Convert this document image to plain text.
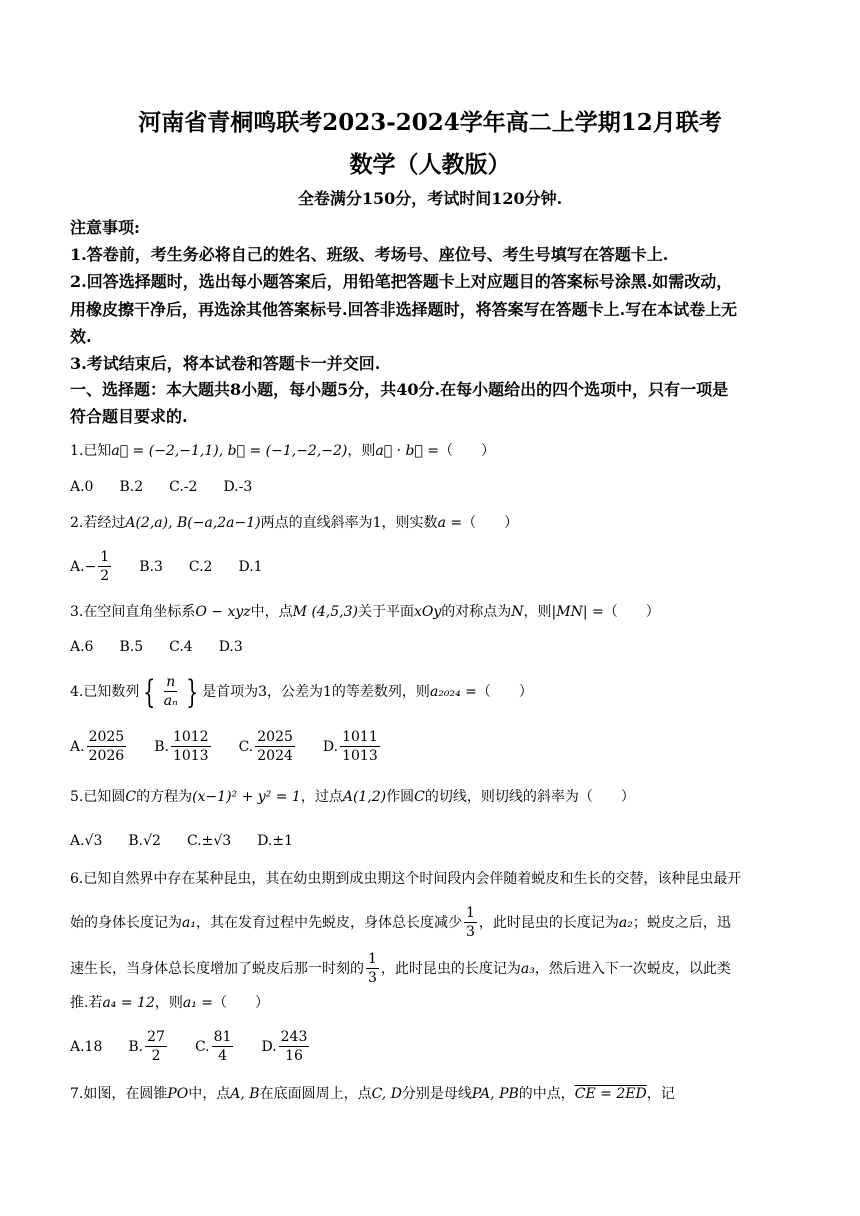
河南省青桐鸣联考2023-2024学年高二上学期12月联考
数学（人教版）
全卷满分150分，考试时间120分钟.
注意事项:
1.答卷前，考生务必将自己的姓名、班级、考场号、座位号、考生号填写在答题卡上.
2.回答选择题时，选出每小题答案后，用铅笔把答题卡上对应题目的答案标号涂黑.如需改动，
用橡皮擦干净后，再选涂其他答案标号.回答非选择题时，将答案写在答题卡上.写在本试卷上无
效.
3.考试结束后，将本试卷和答题卡一并交回.
一、选择题：本大题共8小题，每小题5分，共40分.在每小题给出的四个选项中，只有一项是
符合题目要求的.
1.已知a⃗ = (−2,−1,1), b⃗ = (−1,−2,−2)，则a⃗ · b⃗ =（　　）
A.0 B.2 C.-2 D.-3
2.若经过A(2,a), B(−a,2a−1)两点的直线斜率为1，则实数a =（　　）
A. − $\frac{1}{2} B.3$ C.2 D.1
3.在空间直角坐标系O − xyz中，点M (4,5,3)关于平面xOy的对称点为N，则|MN| =（　　）
A.6 B.5 C.4 D.3
4.已知数列 { $\frac{n}{\text{aₙ}}$ } 是首项为3，公差为1的等差数列，则 a₂₀₂₄ = （　　）
A. $\frac{2025}{2026} B$. $\frac{1012}{1013} C$. $\frac{2025}{2024} D$. $\frac{1011}{1013}$
5.已知圆C的方程为(x−1)² + y² = 1，过点A(1,2)作圆C的切线，则切线的斜率为（　　）
A.√3 B.√2 C.±√3 D.±1
6.已知自然界中存在某种昆虫，其在幼虫期到成虫期这个时间段内会伴随着蜕皮和生长的交替，该种昆虫最开
始的身体长度记为 a₁ ，其在发育过程中先蜕皮，身体总长度减少 $\frac{1}{3}$ ，此时昆虫的长度记为 a₂ ；蜕皮之后，迅
速生长，当身体总长度增加了蜕皮后那一时刻的 $\frac{1}{3}$ ，此时昆虫的长度记为 a₃ ，然后进入下一次蜕皮，以此类
推.若a₄ = 12，则a₁ =（　　）
A.18 B. $\frac{27}{2} C$. $\frac{81}{4} D$. $\frac{243}{16}$
7.如图，在圆锥PO中，点A, B在底面圆周上，点C, D分别是母线PA, PB的中点，CE = 2ED，记
